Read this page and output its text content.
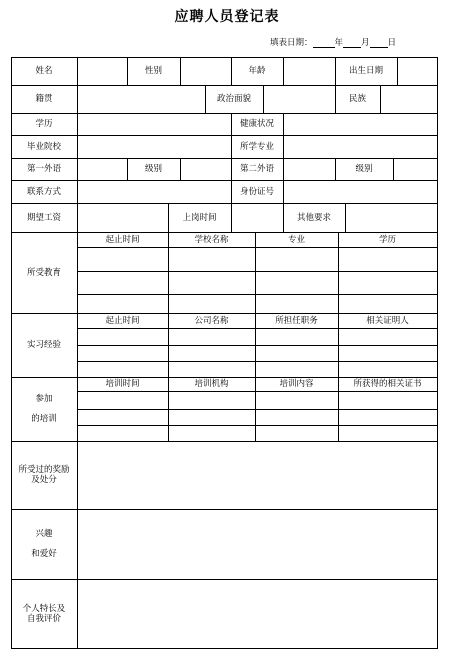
应聘人员登记表
填表日期：	年 月 日
姓名	性别	年龄	出生日期
籍贯	政治面貌	民族
学历	健康状况
毕业院校	所学专业
第一外语	级别	第二外语	级别
联系方式	身份证号
期望工资	上岗时间	其他要求
起止时间	学校名称	专业	学历
所受教育
起止时间	公司名称	所担任职务	相关证明人
实习经验
培训时间	培训机构	培训内容	所获得的相关证书
参加

的培训
所受过的奖励及处分
兴趣

和爱好
个人特长及自我评价
